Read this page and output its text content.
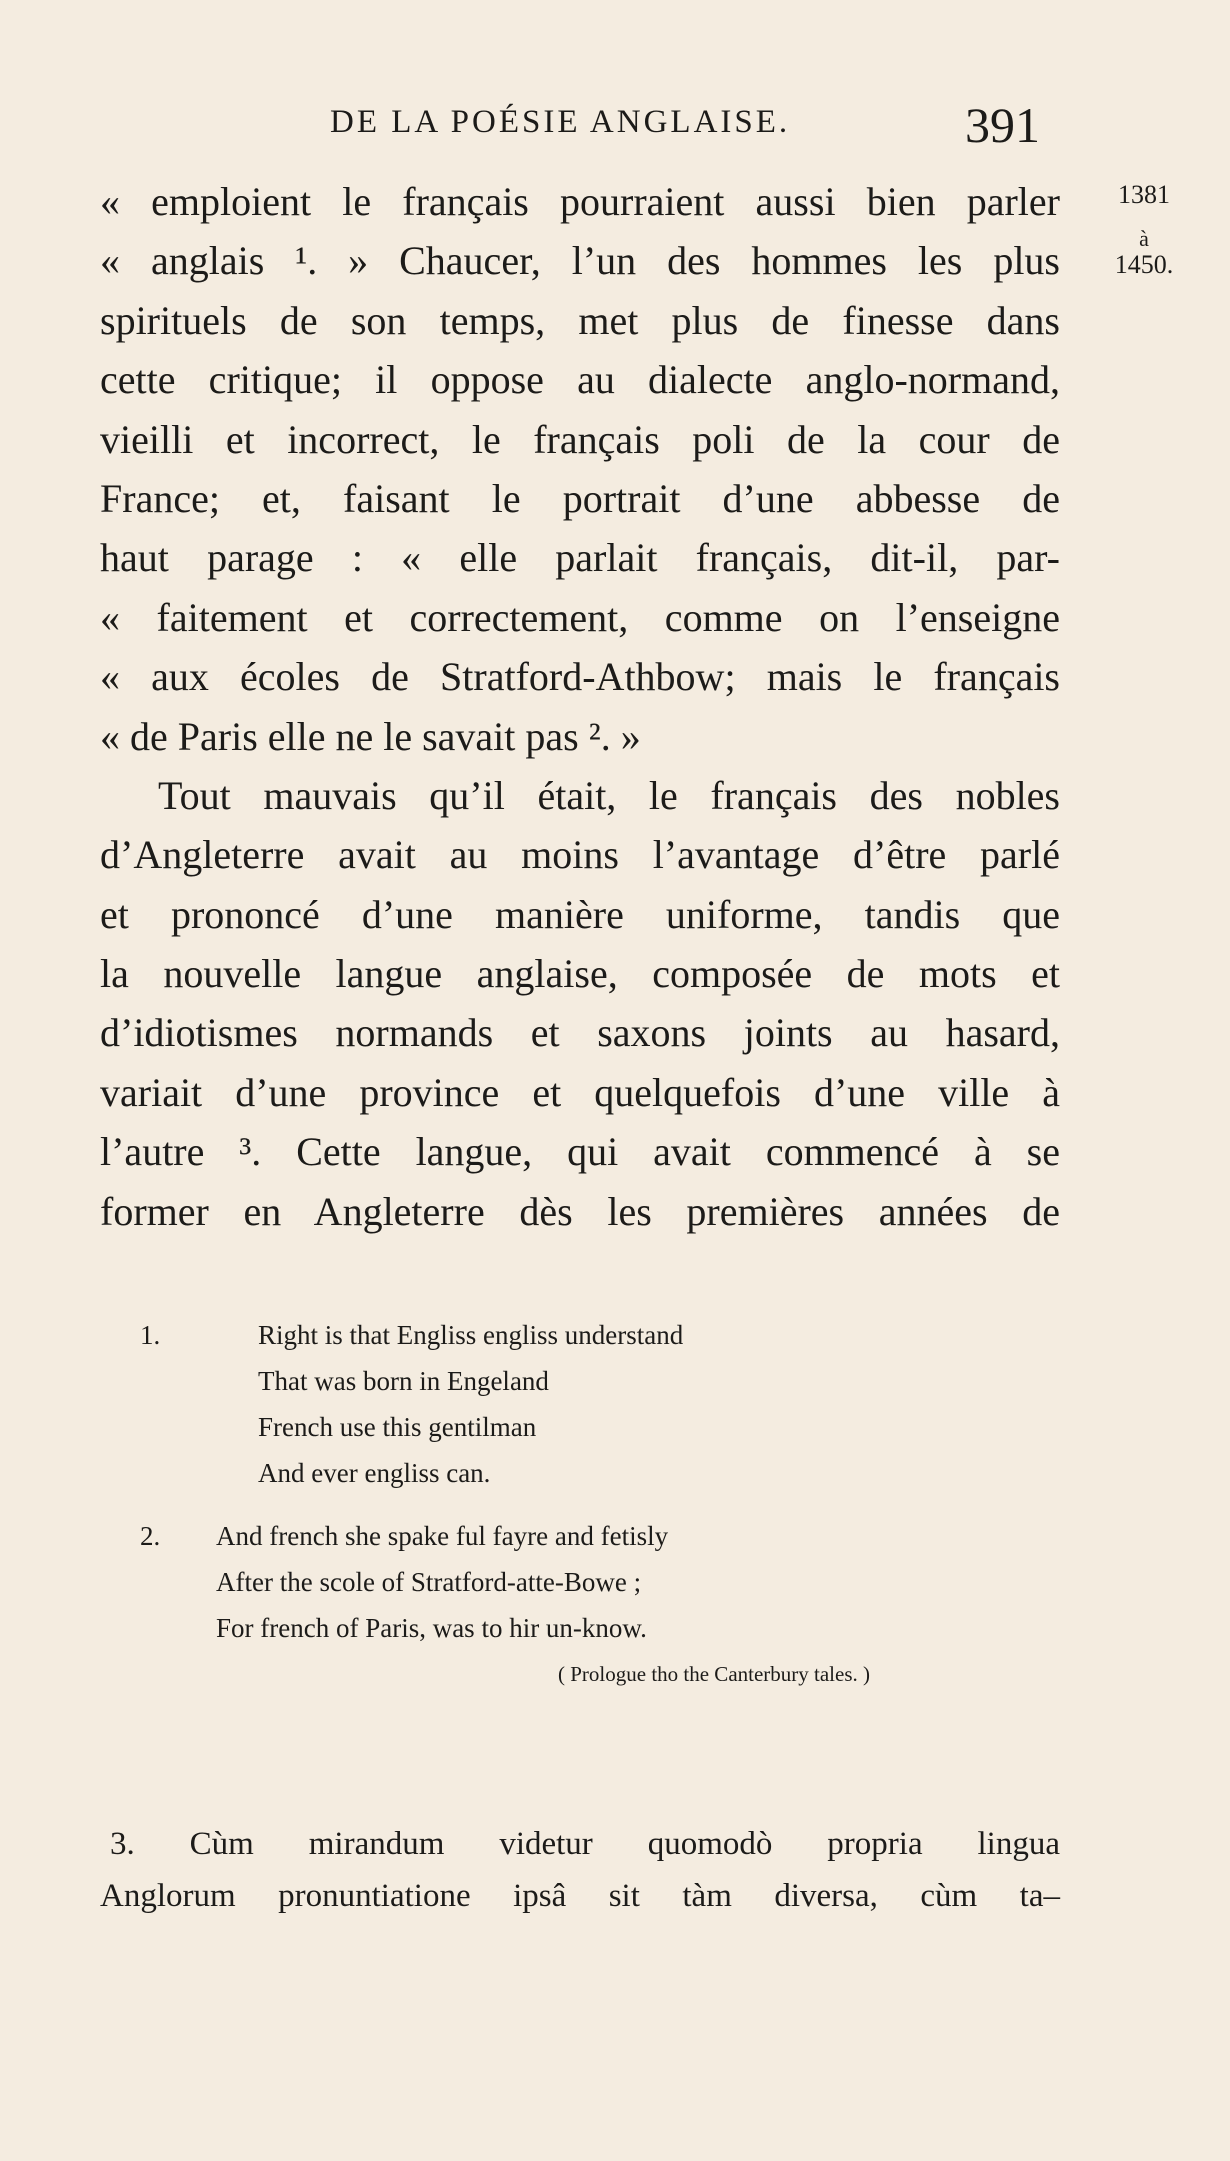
DE LA POÉSIE ANGLAISE.	391
1381
à
1450.
« emploient le français pourraient aussi bien parler
« anglais ¹. » Chaucer, l’un des hommes les plus
spirituels de son temps, met plus de finesse dans
cette critique; il oppose au dialecte anglo-normand,
vieilli et incorrect, le français poli de la cour de
France; et, faisant le portrait d’une abbesse de
haut parage : « elle parlait français, dit-il, par-
« faitement et correctement, comme on l’enseigne
« aux écoles de Stratford-Athbow; mais le français
« de Paris elle ne le savait pas ². »
Tout mauvais qu’il était, le français des nobles
d’Angleterre avait au moins l’avantage d’être parlé
et prononcé d’une manière uniforme, tandis que
la nouvelle langue anglaise, composée de mots et
d’idiotismes normands et saxons joints au hasard,
variait d’une province et quelquefois d’une ville à
l’autre ³. Cette langue, qui avait commencé à se
former en Angleterre dès les premières années de
1.	Right is that Engliss engliss understand
That was born in Engeland
French use this gentilman
And ever engliss can.
2. And french she spake ful fayre and fetisly
After the scole of Stratford-atte-Bowe ;
For french of Paris, was to hir un-know.
( Prologue tho the Canterbury tales. )
3. Cùm mirandum videtur quomodò propria lingua
Anglorum pronuntiatione ipsâ sit tàm diversa, cùm ta–
